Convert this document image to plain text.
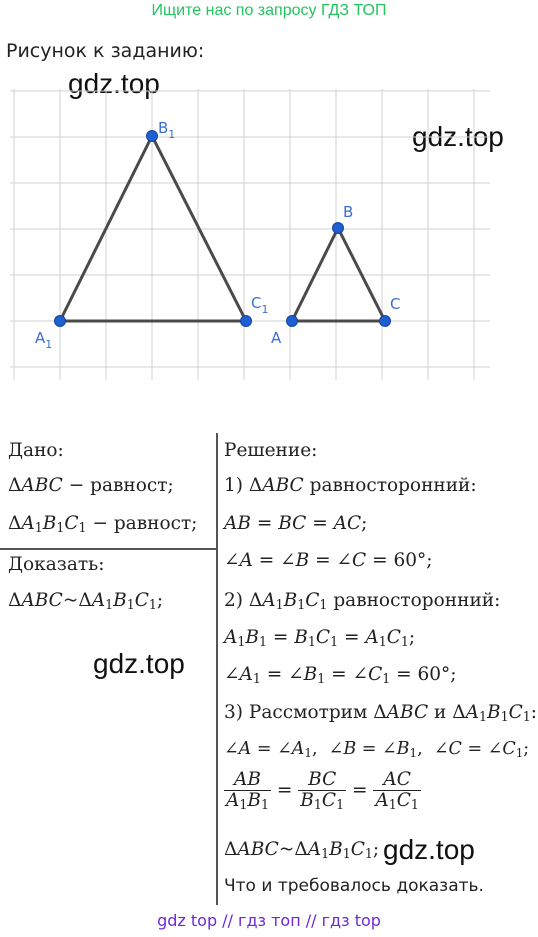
Ищите нас по запросу ГДЗ ТОП
Рисунок к заданию:
gdz.top
gdz.top
$B_1$
$C_1$
$A_1$
B
A
C
Дано:
ΔABC − равност;
$\Delta A_1B_1C_1$ − равност;
Доказать:
$\Delta ABC\sim\Delta A_1B_1C_1$;
gdz.top
Решение:
1) ΔABC равносторонний:
AB = BC = AC;
∠A = ∠B = ∠C = 60°;
2) $\Delta A_1B_1C_1$ равносторонний:
$A_1B_1 = B_1C_1 = A_1C_1$;
$\angle A_1$ = $\angle B_1$ = $\angle C_1 = 60^\circ$;
3) Рассмотрим ΔABC и $\Delta A_1B_1C_1$:
∠A = $\angle A_1$,  ∠B = $\angle B_1$,  ∠C = $\angle C_1$;
$\frac{AB}{A_1B_1} = \frac{BC}{B_1C_1} = \frac{AC}{A_1C_1}$
$\Delta ABC\sim\Delta A_1B_1C_1$; gdz.top
Что и требовалось доказать.
gdz top // гдз топ // гдз top
